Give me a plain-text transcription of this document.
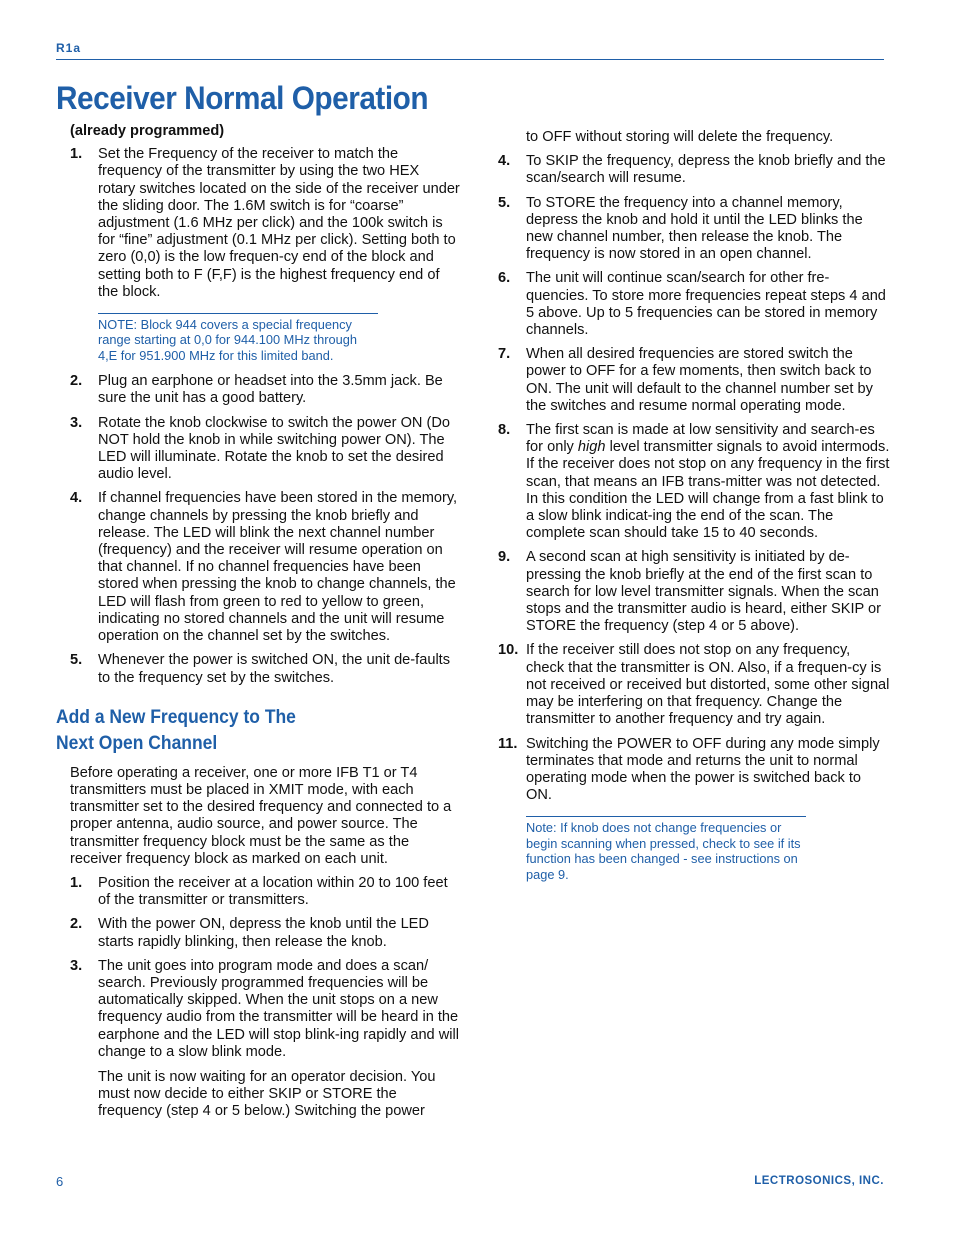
R1a
Receiver Normal Operation
(already programmed)
1. Set the Frequency of the receiver to match the frequency of the transmitter by using the two HEX rotary switches located on the side of the receiver under the sliding door. The 1.6M switch is for “coarse” adjustment (1.6 MHz per click) and the 100k switch is for “fine” adjustment (0.1 MHz per click). Setting both to zero (0,0) is the low frequen-cy end of the block and setting both to F (F,F) is the highest frequency end of the block.
NOTE: Block 944 covers a special frequency range starting at 0,0 for 944.100 MHz through 4,E for 951.900 MHz for this limited band.
2. Plug an earphone or headset into the 3.5mm jack. Be sure the unit has a good battery.
3. Rotate the knob clockwise to switch the power ON (Do NOT hold the knob in while switching power ON). The LED will illuminate. Rotate the knob to set the desired audio level.
4. If channel frequencies have been stored in the memory, change channels by pressing the knob briefly and release. The LED will blink the next channel number (frequency) and the receiver will resume operation on that channel. If no channel frequencies have been stored when pressing the knob to change channels, the LED will flash from green to red to yellow to green, indicating no stored channels and the unit will resume operation on the channel set by the switches.
5. Whenever the power is switched ON, the unit de-faults to the frequency set by the switches.
Add a New Frequency to The Next Open Channel

Before operating a receiver, one or more IFB T1 or T4 transmitters must be placed in XMIT mode, with each transmitter set to the desired frequency and connected to a proper antenna, audio source, and power source. The transmitter frequency block must be the same as the receiver frequency block as marked on each unit.

1. Position the receiver at a location within 20 to 100 feet of the transmitter or transmitters.
2. With the power ON, depress the knob until the LED starts rapidly blinking, then release the knob.
3. The unit goes into program mode and does a scan/ search. Previously programmed frequencies will be automatically skipped. When the unit stops on a new frequency audio from the transmitter will be heard in the earphone and the LED will stop blink-ing rapidly and will change to a slow blink mode.
The unit is now waiting for an operator decision. You must now decide to either SKIP or STORE the frequency (step 4 or 5 below.) Switching the power

to OFF without storing will delete the frequency.

4. To SKIP the frequency, depress the knob briefly and the scan/search will resume.
5. To STORE the frequency into a channel memory, depress the knob and hold it until the LED blinks the new channel number, then release the knob. The frequency is now stored in an open channel.
6. The unit will continue scan/search for other fre-quencies. To store more frequencies repeat steps 4 and 5 above. Up to 5 frequencies can be stored in memory channels.
7. When all desired frequencies are stored switch the power to OFF for a few moments, then switch back to ON. The unit will default to the channel number set by the switches and resume normal operating mode.
8. The first scan is made at low sensitivity and search-es for only high level transmitter signals to avoid intermods. If the receiver does not stop on any frequency in the first scan, that means an IFB trans-mitter was not detected. In this condition the LED will change from a fast blink to a slow blink indicat-ing the end of the scan. The complete scan should take 15 to 40 seconds.
9. A second scan at high sensitivity is initiated by de-pressing the knob briefly at the end of the first scan to search for low level transmitter signals. When the scan stops and the transmitter audio is heard, either SKIP or STORE the frequency (step 4 or 5 above).
10. If the receiver still does not stop on any frequency, check that the transmitter is ON. Also, if a frequen-cy is not received or received but distorted, some other signal may be interfering on that frequency. Change the transmitter to another frequency and try again.
11. Switching the POWER to OFF during any mode simply terminates that mode and returns the unit to normal operating mode when the power is switched back to ON.
Note: If knob does not change frequencies or begin scanning when pressed, check to see if its function has been changed - see instructions on page 9.
6	LECTROSONICS, INC.
